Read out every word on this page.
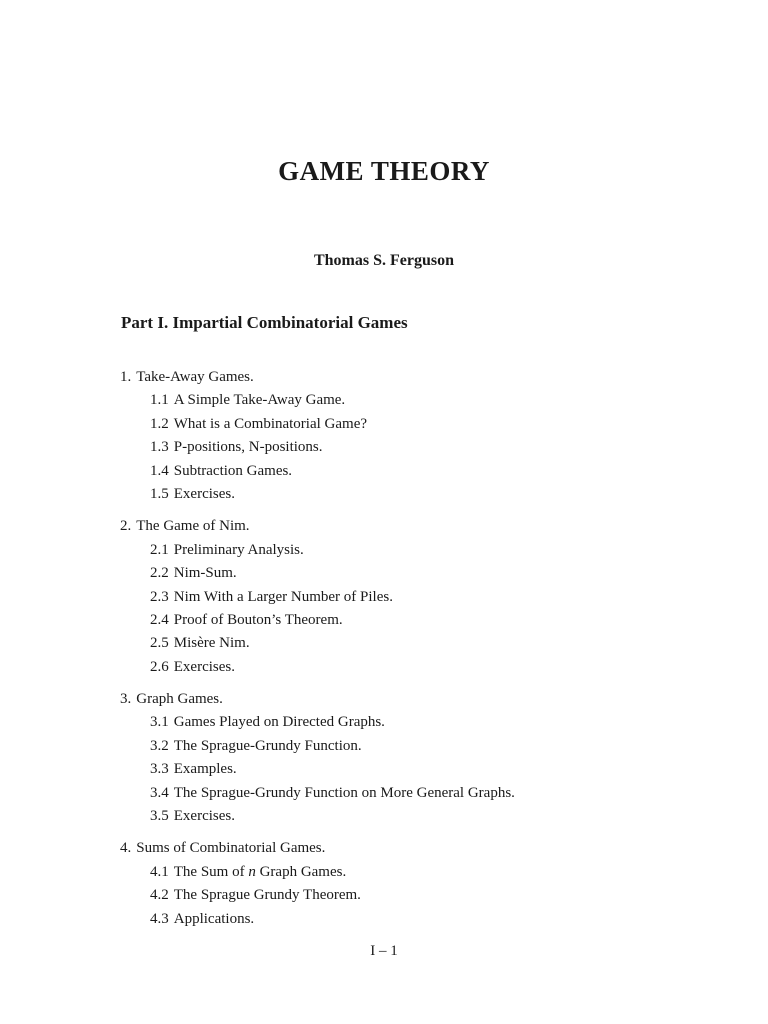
GAME THEORY
Thomas S. Ferguson
Part I. Impartial Combinatorial Games
1. Take-Away Games.
1.1 A Simple Take-Away Game.
1.2 What is a Combinatorial Game?
1.3 P-positions, N-positions.
1.4 Subtraction Games.
1.5 Exercises.
2. The Game of Nim.
2.1 Preliminary Analysis.
2.2 Nim-Sum.
2.3 Nim With a Larger Number of Piles.
2.4 Proof of Bouton’s Theorem.
2.5 Misère Nim.
2.6 Exercises.
3. Graph Games.
3.1 Games Played on Directed Graphs.
3.2 The Sprague-Grundy Function.
3.3 Examples.
3.4 The Sprague-Grundy Function on More General Graphs.
3.5 Exercises.
4. Sums of Combinatorial Games.
4.1 The Sum of n Graph Games.
4.2 The Sprague Grundy Theorem.
4.3 Applications.
I – 1
